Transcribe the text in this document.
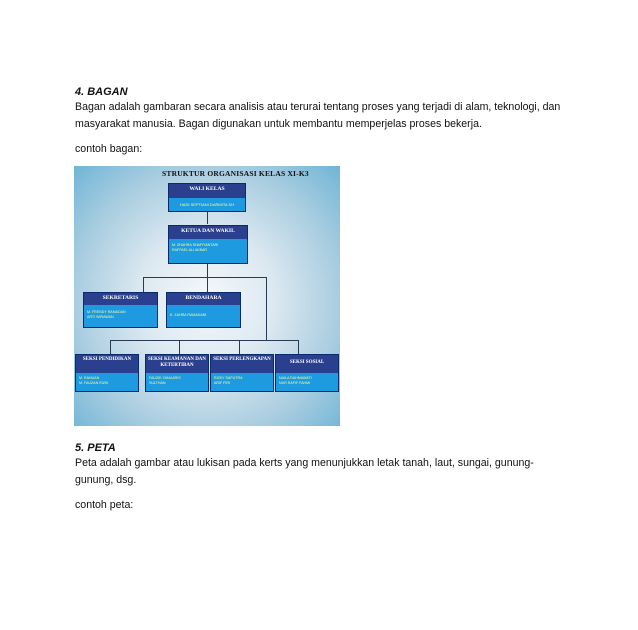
4. BAGAN
Bagan adalah gambaran secara analisis atau terurai tentang proses yang terjadi di alam, teknologi, dan
masyarakat manusia. Bagan digunakan untuk membantu memperjelas proses bekerja.
contoh bagan:
STRUKTUR ORGANISASI KELAS XI-K3
WALI KELAS
HADI SEPTIANI DARMITA SH
KETUA DAN WAKIL
M. ZHAHRA SHAFIYANTARI
RAFFAEL ALI AKBAR
SEKRETARIS
M. FRENDY RAMADAN
ARTI WIRAWAN
BENDAHARA
K. ZAHRA RAMADANI
SEKSI PENDIDIKAN
M. RANUAN
M. FAUZAN RIZKI
SEKSI KEAMANAN DAN KETERTIBAN
FAUZIK YANUARIS
SULTHAN
SEKSI PERLENGKAPAN
RIZKY SAPUTRA
ARIF FIRI
SEKSI SOSIAL
NAILA RAHMAWATI
NUR RAFIF FAHMI
5. PETA
Peta adalah gambar atau lukisan pada kerts yang menunjukkan letak tanah, laut, sungai, gunung-
gunung, dsg.
contoh peta:
